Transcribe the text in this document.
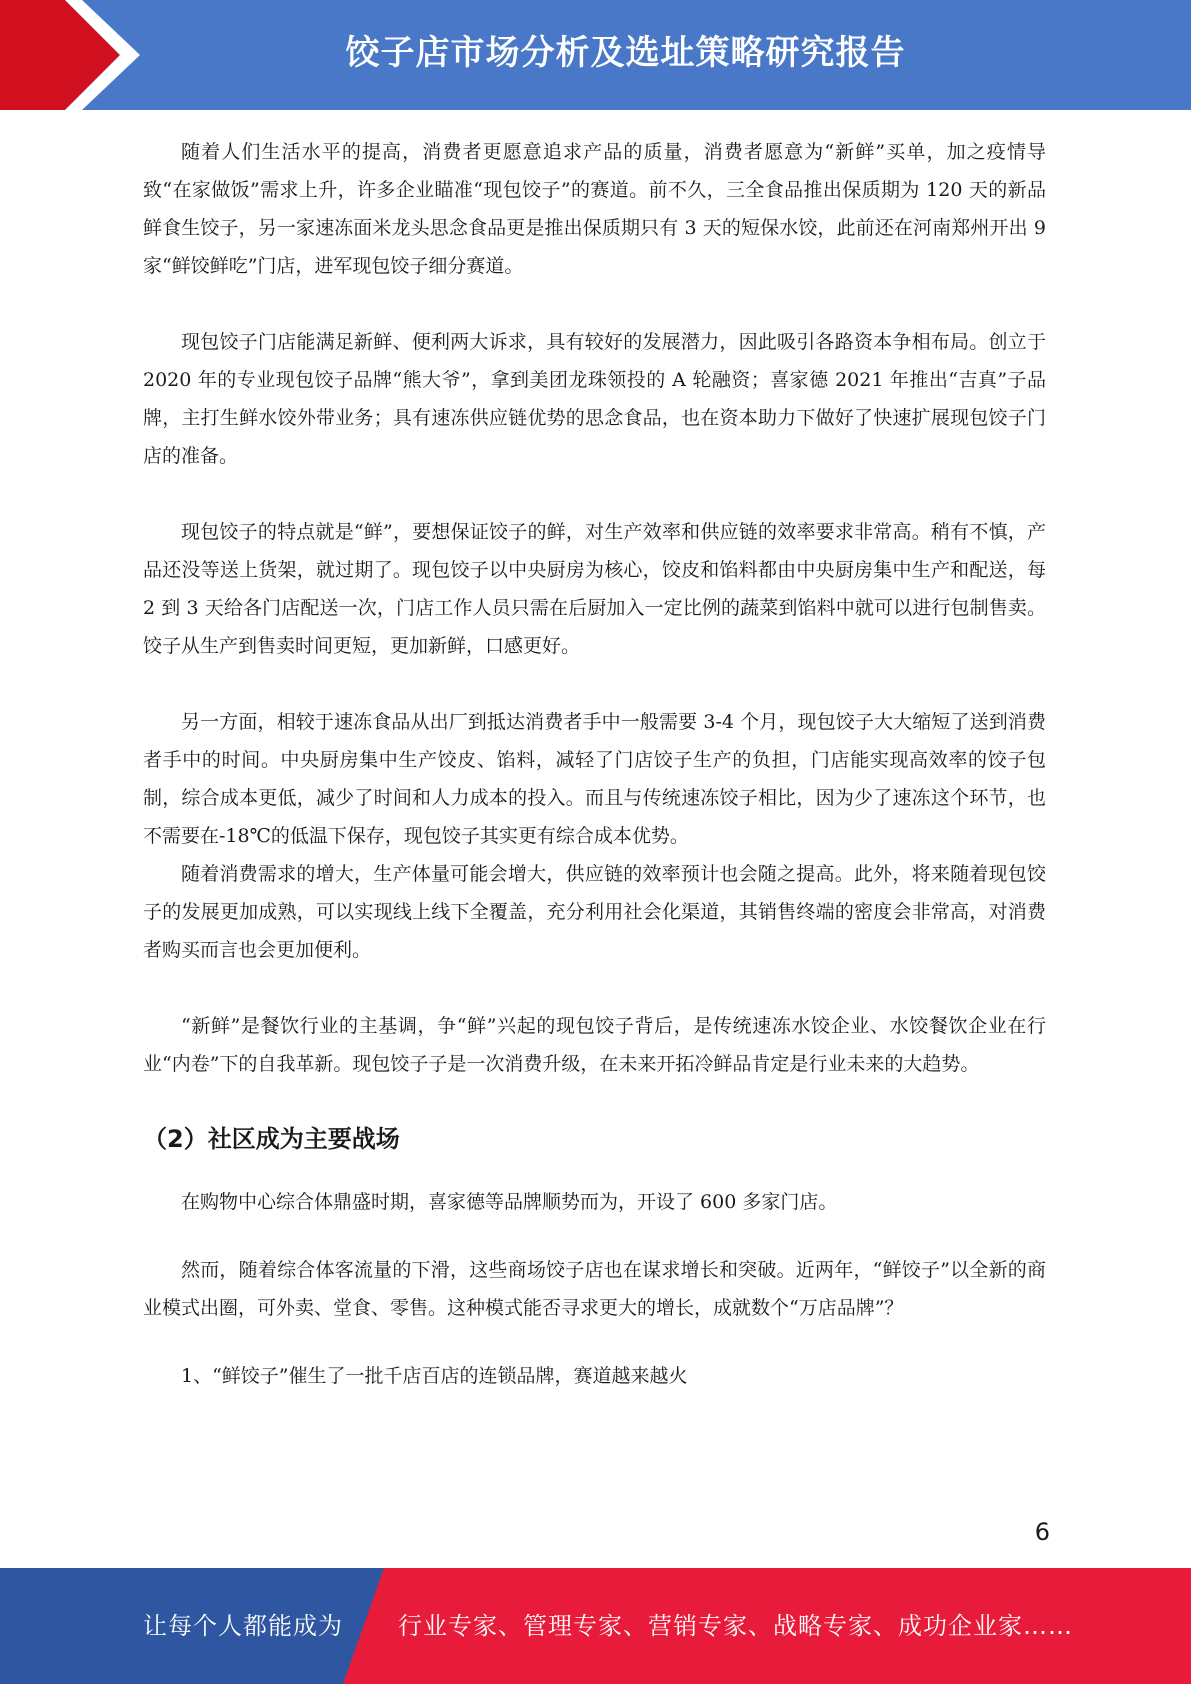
饺子店市场分析及选址策略研究报告

随着人们生活水平的提高，消费者更愿意追求产品的质量，消费者愿意为“新鲜”买单，加之疫情导致“在家做饭”需求上升，许多企业瞄准“现包饺子”的赛道。前不久，三全食品推出保质期为 120 天的新品鲜食生饺子，另一家速冻面米龙头思念食品更是推出保质期只有 3 天的短保水饺，此前还在河南郑州开出 9 家“鲜饺鲜吃”门店，进军现包饺子细分赛道。

现包饺子门店能满足新鲜、便利两大诉求，具有较好的发展潜力，因此吸引各路资本争相布局。创立于 2020 年的专业现包饺子品牌“熊大爷”，拿到美团龙珠领投的 A 轮融资；喜家德 2021 年推出“吉真”子品牌，主打生鲜水饺外带业务；具有速冻供应链优势的思念食品，也在资本助力下做好了快速扩展现包饺子门店的准备。

现包饺子的特点就是“鲜”，要想保证饺子的鲜，对生产效率和供应链的效率要求非常高。稍有不慎，产品还没等送上货架，就过期了。现包饺子以中央厨房为核心，饺皮和馅料都由中央厨房集中生产和配送，每 2 到 3 天给各门店配送一次，门店工作人员只需在后厨加入一定比例的蔬菜到馅料中就可以进行包制售卖。饺子从生产到售卖时间更短，更加新鲜，口感更好。

另一方面，相较于速冻食品从出厂到抵达消费者手中一般需要 3-4 个月，现包饺子大大缩短了送到消费者手中的时间。中央厨房集中生产饺皮、馅料，减轻了门店饺子生产的负担，门店能实现高效率的饺子包制，综合成本更低，减少了时间和人力成本的投入。而且与传统速冻饺子相比，因为少了速冻这个环节，也不需要在-18℃的低温下保存，现包饺子其实更有综合成本优势。

随着消费需求的增大，生产体量可能会增大，供应链的效率预计也会随之提高。此外，将来随着现包饺子的发展更加成熟，可以实现线上线下全覆盖，充分利用社会化渠道，其销售终端的密度会非常高，对消费者购买而言也会更加便利。

“新鲜”是餐饮行业的主基调，争“鲜”兴起的现包饺子背后，是传统速冻水饺企业、水饺餐饮企业在行业“内卷”下的自我革新。现包饺子子是一次消费升级，在未来开拓冷鲜品肯定是行业未来的大趋势。

（2）社区成为主要战场

在购物中心综合体鼎盛时期，喜家德等品牌顺势而为，开设了 600 多家门店。

然而，随着综合体客流量的下滑，这些商场饺子店也在谋求增长和突破。近两年，“鲜饺子”以全新的商业模式出圈，可外卖、堂食、零售。这种模式能否寻求更大的增长，成就数个“万店品牌”？

1、“鲜饺子”催生了一批千店百店的连锁品牌，赛道越来越火

6
让每个人都能成为 行业专家、管理专家、营销专家、战略专家、成功企业家……
